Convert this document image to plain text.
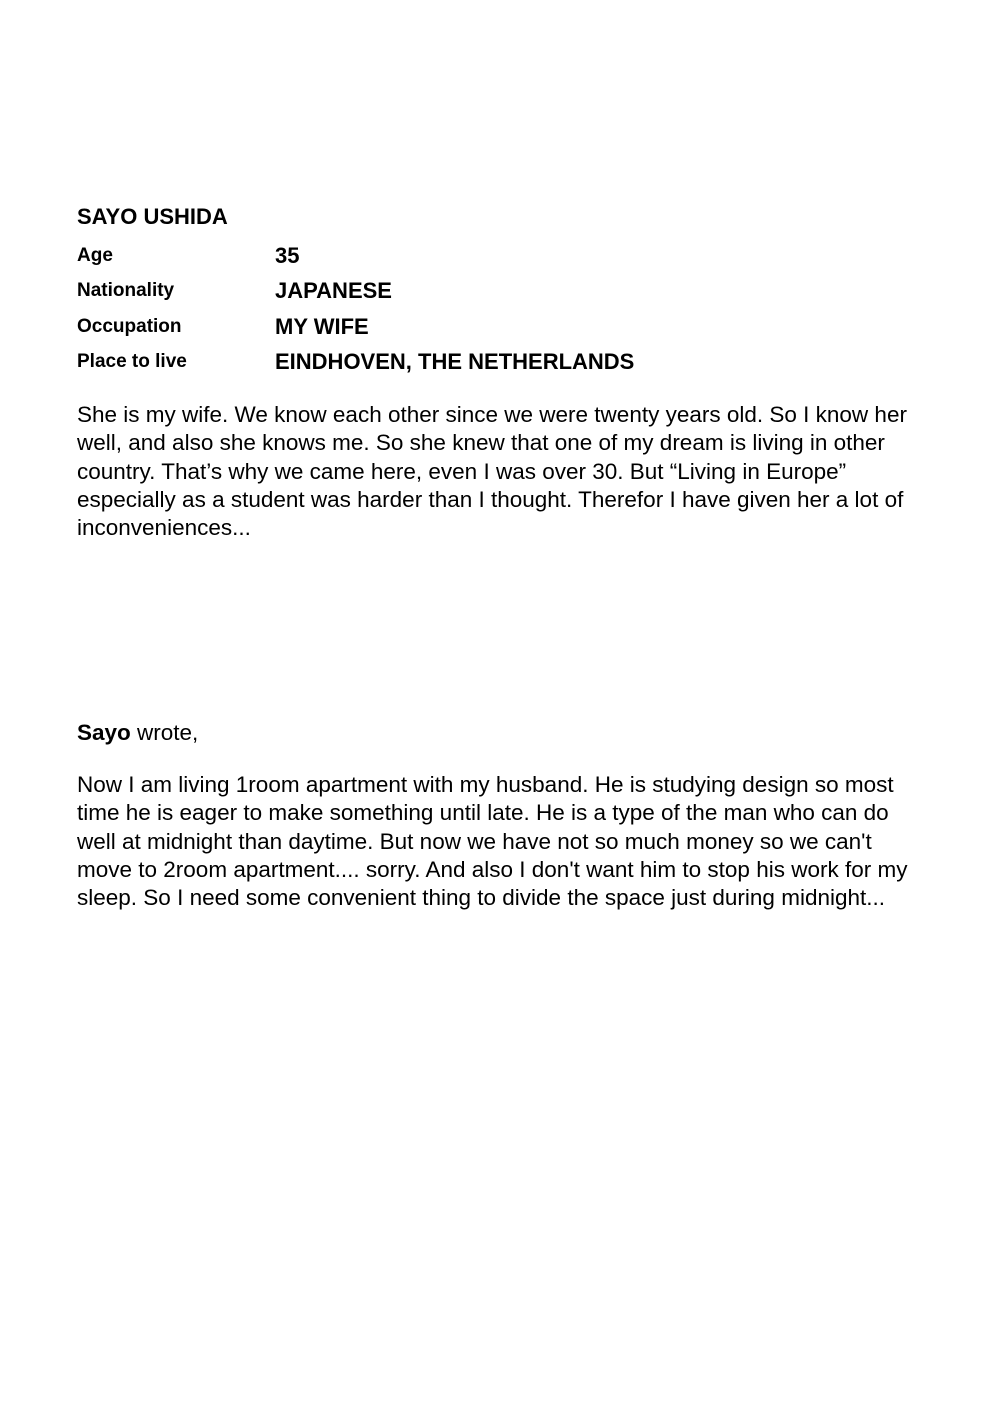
SAYO USHIDA
Age	35
Nationality	JAPANESE
Occupation	MY WIFE
Place to live	EINDHOVEN, THE NETHERLANDS

She is my wife. We know each other since we were twenty years old. So I know her well, and also she knows me. So she knew that one of my dream is living in other country. That’s why we came here, even I was over 30. But “Living in Europe” especially as a student was harder than I thought. Therefor I have given her a lot of inconveniences...

Sayo wrote,

Now I am living 1room apartment with my husband. He is studying design so most time he is eager to make something until late. He is a type of the man who can do well at midnight than daytime. But now we have not so much money so we can't move to 2room apartment.... sorry. And also I don't want him to stop his work for my sleep. So I need some convenient thing to divide the space just during midnight...
